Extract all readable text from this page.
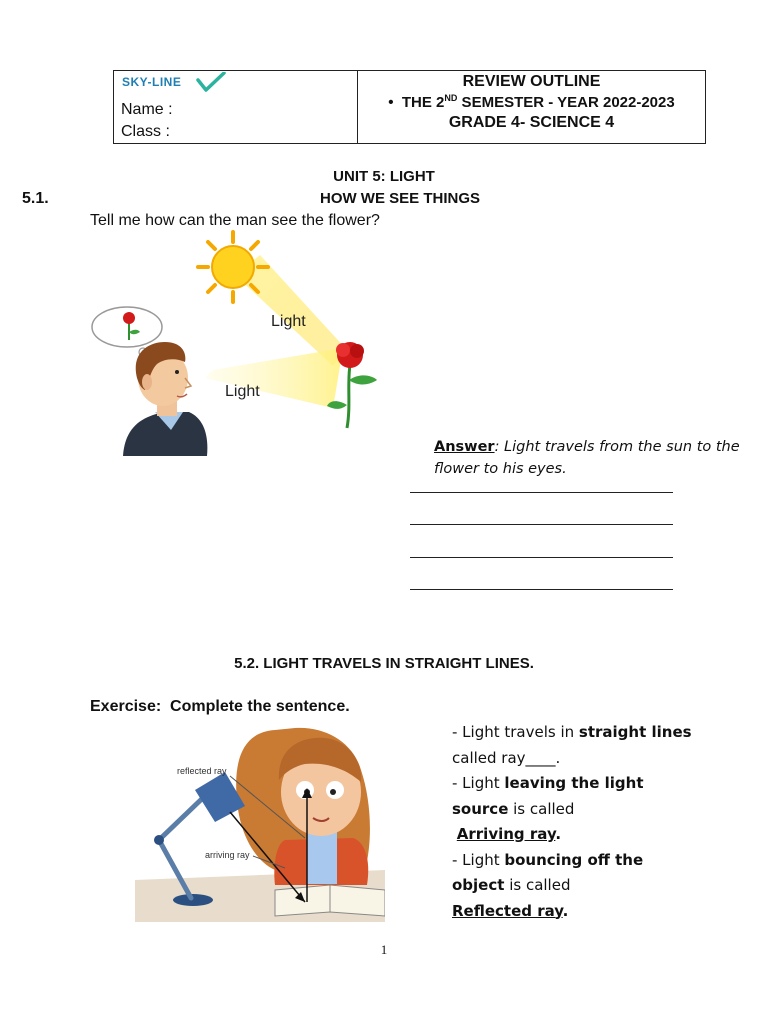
SKY-LINE
Name :
Class :
REVIEW OUTLINE
•  THE 2ND SEMESTER - YEAR 2022-2023
GRADE 4- SCIENCE 4
UNIT 5: LIGHT
5.1.	HOW WE SEE THINGS
Tell me how can the man see the flower?
Light
Light
Answer: Light travels from the sun to the flower to his eyes.
5.2. LIGHT TRAVELS IN STRAIGHT LINES.
Exercise:  Complete the sentence.
reflected ray
arriving ray
- Light travels in straight lines called ray____.
- Light leaving the light source is called
Arriving ray.
- Light bouncing off the object is called
Reflected ray.
1
